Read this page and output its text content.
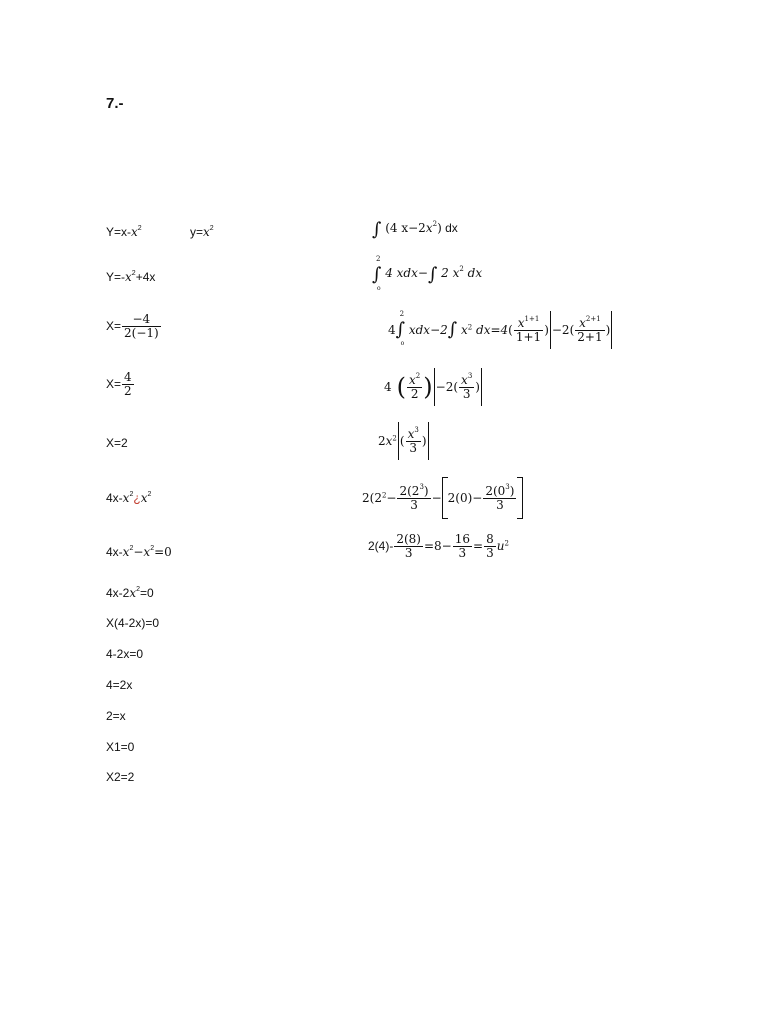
7.-
$Y=x-x^2$	$y=x^2$
$Y=-x^2+4x$
$X= \frac{-4}{2(-1)}$
$X= \frac{4}{2}$
X=2
$4x-x^2¿x^2$
$4x-x^2-x^2=0$
$4x-2x^2=0$
X(4-2x)=0
4-2x=0
4=2x
2=x
X1=0
X2=2
∫ (4 $x-2x^2$) dx
2
∫
o
4 xdx−∫ 2 $x^2$ dx
4
2
∫
o
xdx−2∫ $x^2$ $dx=4( \frac{x^{1+1}}{1+1}$ ) $-2( \frac{x^{2+1}}{2+1}$ )
4 ( $\frac{x^2}{2}$ ) $-2( \frac{x^3}{3}$ )
$2x^2$ ( $\frac{x^3}{3}$ )
$2(2^2- \frac{2(2^3)}{3} - 2(0)- \frac{2(0^3)}{3}$
$2(4)- \frac{2(8)}{3} =8- \frac{16}{3} = \frac{8}{3} u^2$
